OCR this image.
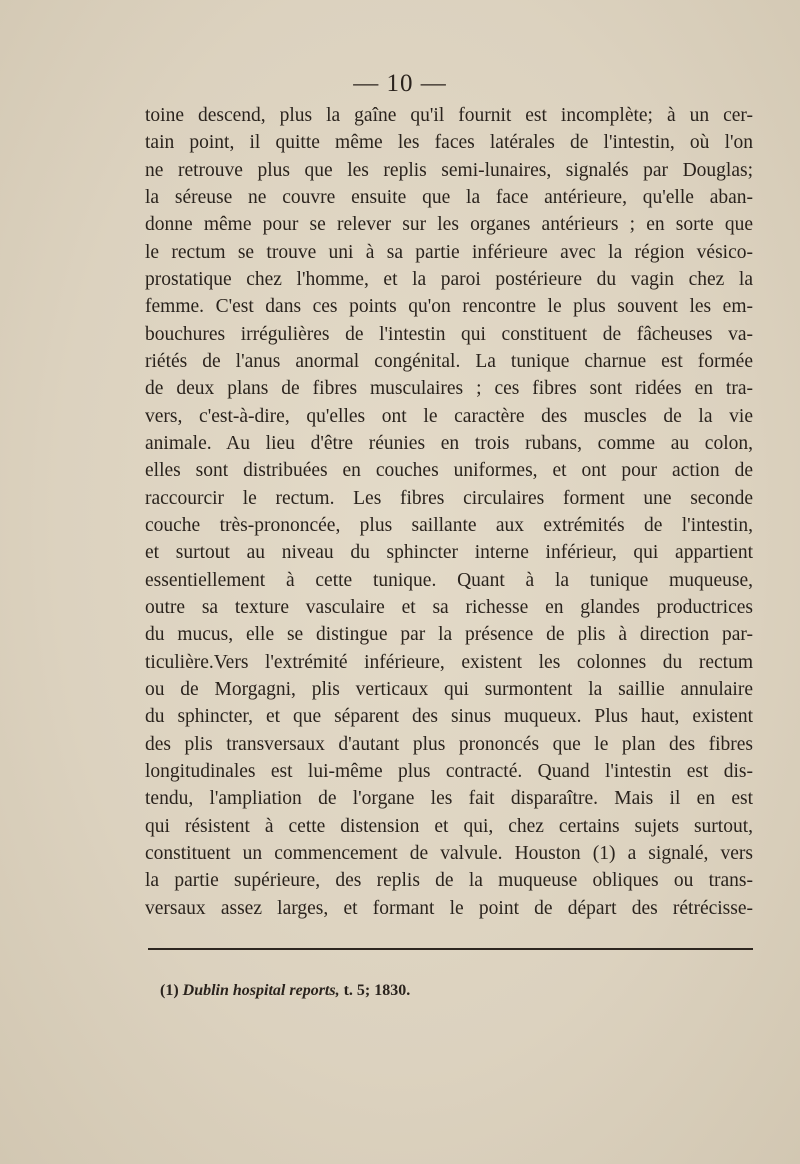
— 10 —
toine descend, plus la gaîne qu'il fournit est incomplète; à un cer-
tain point, il quitte même les faces latérales de l'intestin, où l'on
ne retrouve plus que les replis semi-lunaires, signalés par Douglas;
la séreuse ne couvre ensuite que la face antérieure, qu'elle aban-
donne même pour se relever sur les organes antérieurs ; en sorte que
le rectum se trouve uni à sa partie inférieure avec la région vésico-
prostatique chez l'homme, et la paroi postérieure du vagin chez la
femme. C'est dans ces points qu'on rencontre le plus souvent les em-
bouchures irrégulières de l'intestin qui constituent de fâcheuses va-
riétés de l'anus anormal congénital. La tunique charnue est formée
de deux plans de fibres musculaires ; ces fibres sont ridées en tra-
vers, c'est-à-dire, qu'elles ont le caractère des muscles de la vie
animale. Au lieu d'être réunies en trois rubans, comme au colon,
elles sont distribuées en couches uniformes, et ont pour action de
raccourcir le rectum. Les fibres circulaires forment une seconde
couche très-prononcée, plus saillante aux extrémités de l'intestin,
et surtout au niveau du sphincter interne inférieur, qui appartient
essentiellement à cette tunique. Quant à la tunique muqueuse,
outre sa texture vasculaire et sa richesse en glandes productrices
du mucus, elle se distingue par la présence de plis à direction par-
ticulière.Vers l'extrémité inférieure, existent les colonnes du rectum
ou de Morgagni, plis verticaux qui surmontent la saillie annulaire
du sphincter, et que séparent des sinus muqueux. Plus haut, existent
des plis transversaux d'autant plus prononcés que le plan des fibres
longitudinales est lui-même plus contracté. Quand l'intestin est dis-
tendu, l'ampliation de l'organe les fait disparaître. Mais il en est
qui résistent à cette distension et qui, chez certains sujets surtout,
constituent un commencement de valvule. Houston (1) a signalé, vers
la partie supérieure, des replis de la muqueuse obliques ou trans-
versaux assez larges, et formant le point de départ des rétrécisse-
(1) Dublin hospital reports, t. 5; 1830.
